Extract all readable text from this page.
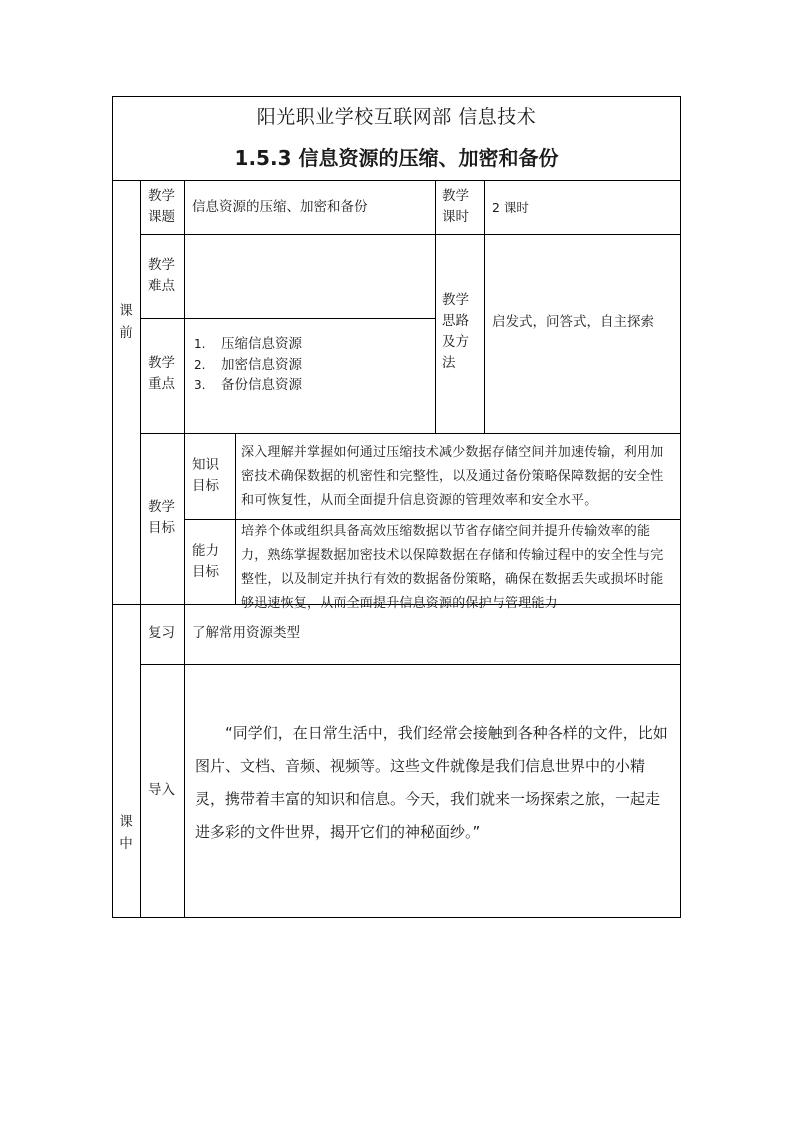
阳光职业学校互联网部 信息技术
1.5.3 信息资源的压缩、加密和备份
课前
课中
教学课题
信息资源的压缩、加密和备份
教学课时
2 课时
教学难点
教学思路及方法
启发式，问答式，自主探索
教学重点
1. 压缩信息资源
2. 加密信息资源
3. 备份信息资源
教学目标
知识目标
深入理解并掌握如何通过压缩技术减少数据存储空间并加速传输，利用加密技术确保数据的机密性和完整性，以及通过备份策略保障数据的安全性和可恢复性，从而全面提升信息资源的管理效率和安全水平。
能力目标
培养个体或组织具备高效压缩数据以节省存储空间并提升传输效率的能力，熟练掌握数据加密技术以保障数据在存储和传输过程中的安全性与完整性，以及制定并执行有效的数据备份策略，确保在数据丢失或损坏时能够迅速恢复，从而全面提升信息资源的保护与管理能力
复习 了解常用资源类型
导入
“同学们，在日常生活中，我们经常会接触到各种各样的文件，比如图片、文档、音频、视频等。这些文件就像是我们信息世界中的小精灵，携带着丰富的知识和信息。今天，我们就来一场探索之旅，一起走进多彩的文件世界，揭开它们的神秘面纱。”
